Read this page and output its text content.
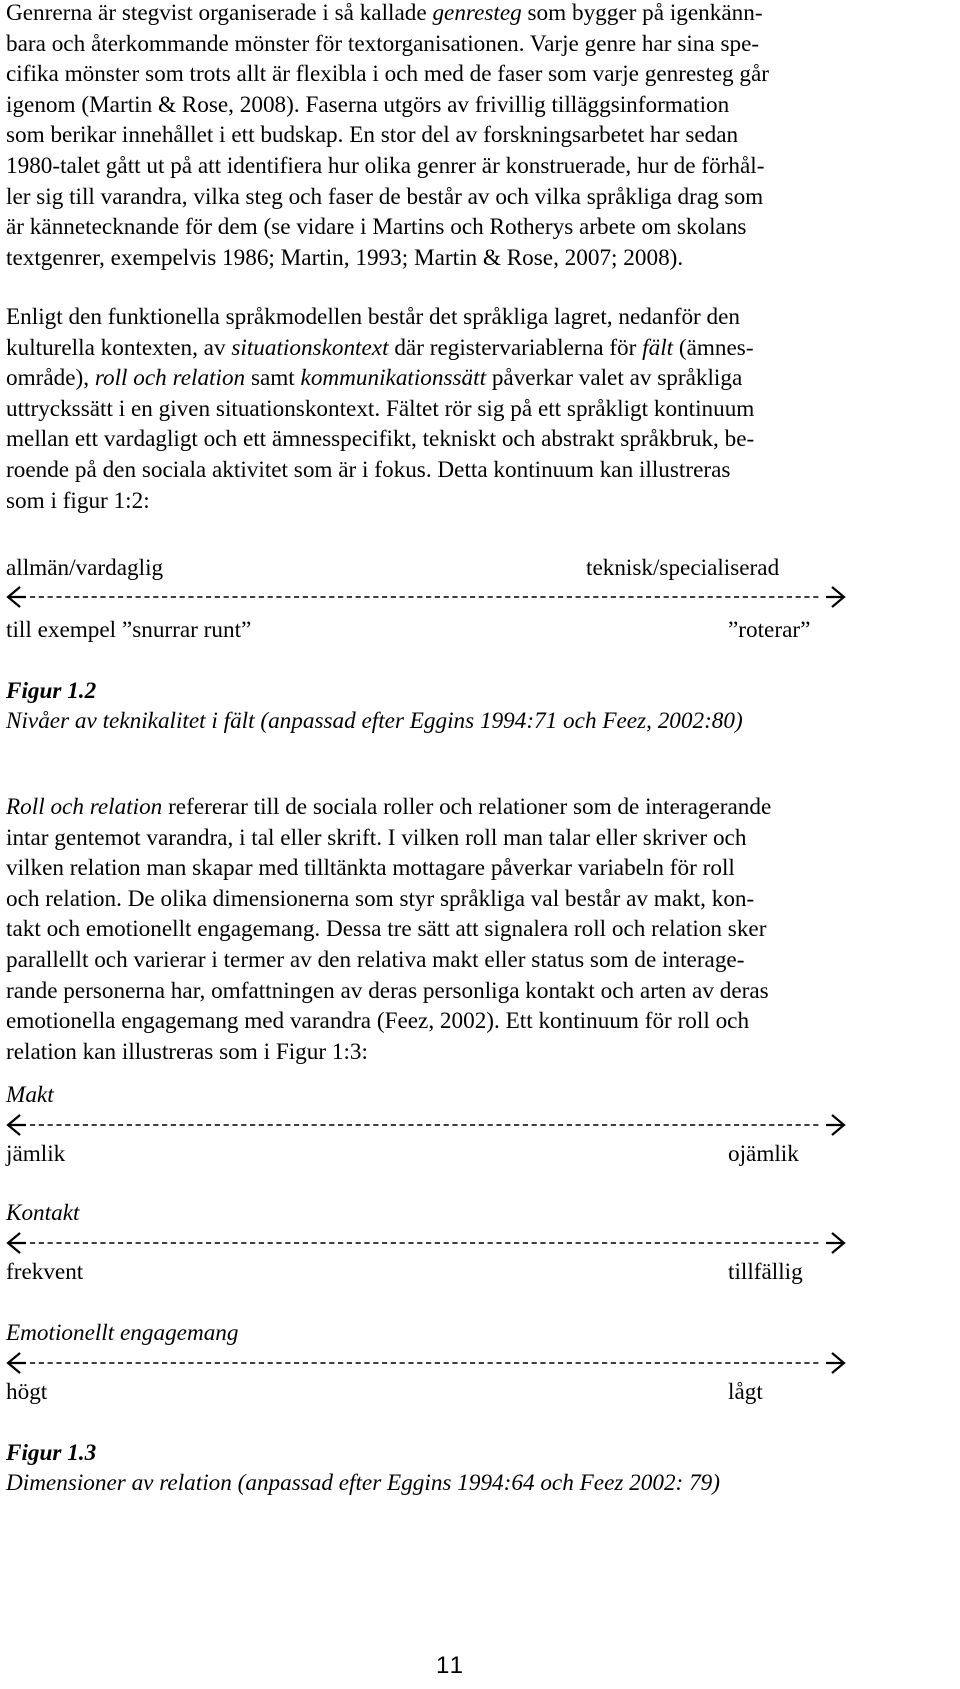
Genrerna är stegvist organiserade i så kallade genresteg som bygger på igenkänn-
bara och återkommande mönster för textorganisationen. Varje genre har sina spe-
cifika mönster som trots allt är flexibla i och med de faser som varje genresteg går
igenom (Martin & Rose, 2008). Faserna utgörs av frivillig tilläggsinformation
som berikar innehållet i ett budskap. En stor del av forskningsarbetet har sedan
1980-talet gått ut på att identifiera hur olika genrer är konstruerade, hur de förhål-
ler sig till varandra, vilka steg och faser de består av och vilka språkliga drag som
är kännetecknande för dem (se vidare i Martins och Rotherys arbete om skolans
textgenrer, exempelvis 1986; Martin, 1993; Martin & Rose, 2007; 2008).

Enligt den funktionella språkmodellen består det språkliga lagret, nedanför den
kulturella kontexten, av situationskontext där registervariablerna för fält (ämnes-
område), roll och relation samt kommunikationssätt påverkar valet av språkliga
uttryckssätt i en given situationskontext. Fältet rör sig på ett språkligt kontinuum
mellan ett vardagligt och ett ämnesspecifikt, tekniskt och abstrakt språkbruk, be-
roende på den sociala aktivitet som är i fokus. Detta kontinuum kan illustreras
som i figur 1:2:

allmän/vardaglig	teknisk/specialiserad
till exempel ”snurrar runt”	”roterar”
Figur 1.2
Nivåer av teknikalitet i fält (anpassad efter Eggins 1994:71 och Feez, 2002:80)

Roll och relation refererar till de sociala roller och relationer som de interagerande
intar gentemot varandra, i tal eller skrift. I vilken roll man talar eller skriver och
vilken relation man skapar med tilltänkta mottagare påverkar variabeln för roll
och relation. De olika dimensionerna som styr språkliga val består av makt, kon-
takt och emotionellt engagemang. Dessa tre sätt att signalera roll och relation sker
parallellt och varierar i termer av den relativa makt eller status som de interage-
rande personerna har, omfattningen av deras personliga kontakt och arten av deras
emotionella engagemang med varandra (Feez, 2002). Ett kontinuum för roll och
relation kan illustreras som i Figur 1:3:

Makt
jämlik	ojämlik
Kontakt
frekvent	tillfällig
Emotionellt engagemang
högt	lågt
Figur 1.3
Dimensioner av relation (anpassad efter Eggins 1994:64 och Feez 2002: 79)
11
